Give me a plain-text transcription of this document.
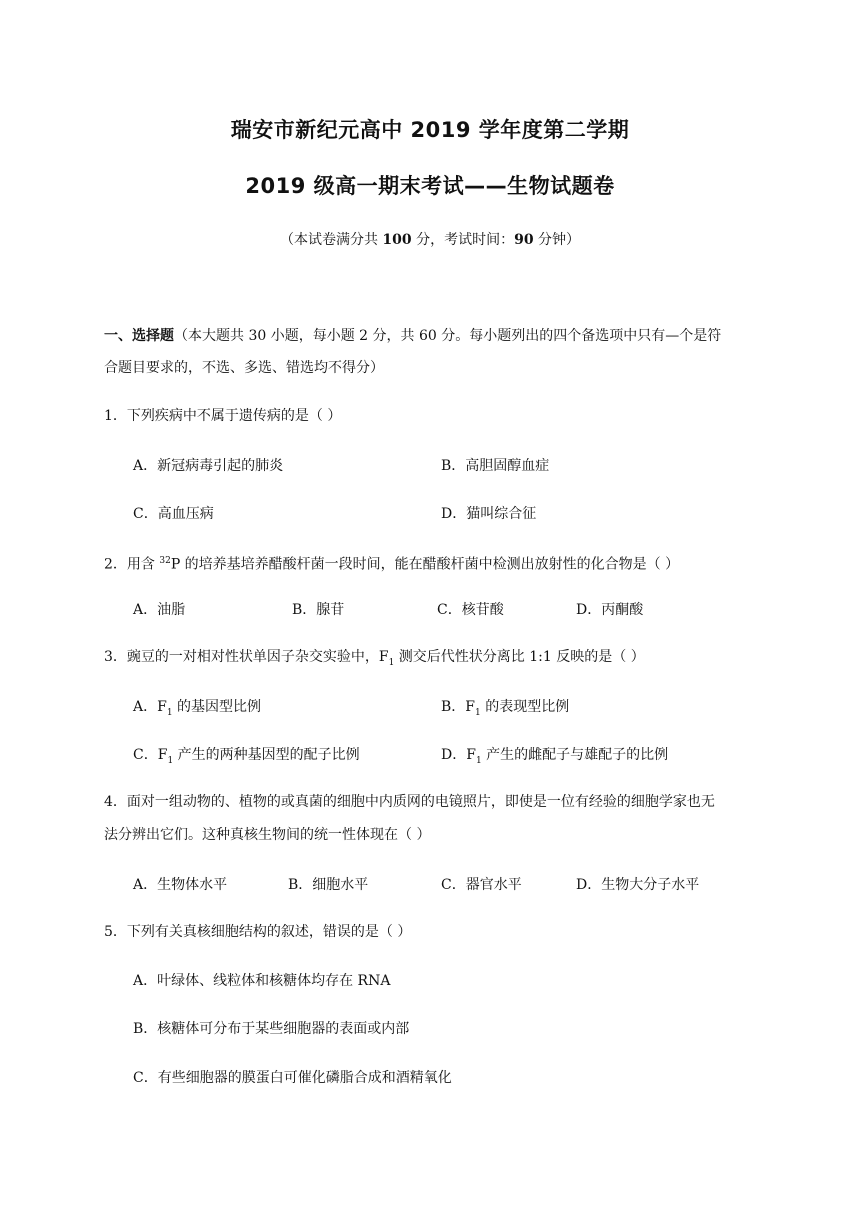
瑞安市新纪元高中 2019 学年度第二学期
2019 级高一期末考试——生物试题卷
（本试卷满分共 100 分，考试时间：90 分钟）
一、选择题（本大题共 30 小题，每小题 2 分，共 60 分。每小题列出的四个备选项中只有—个是符
合题目要求的，不选、多选、错选均不得分）
1．下列疾病中不属于遗传病的是（ ）
A．新冠病毒引起的肺炎	B．高胆固醇血症
C．高血压病	D．猫叫综合征
2．用含 $^{32}$P 的培养基培养醋酸杆菌一段时间，能在醋酸杆菌中检测出放射性的化合物是（ ）
A．油脂	B．腺苷	C．核苷酸	D．丙酮酸
3．豌豆的一对相对性状单因子杂交实验中，$F_1$ 测交后代性状分离比 1:1 反映的是（ ）
A．$F_1$ 的基因型比例	B．$F_1$ 的表现型比例
C．$F_1$ 产生的两种基因型的配子比例	D．$F_1$ 产生的雌配子与雄配子的比例
4．面对一组动物的、植物的或真菌的细胞中内质网的电镜照片，即使是一位有经验的细胞学家也无
法分辨出它们。这种真核生物间的统一性体现在（ ）
A．生物体水平	B．细胞水平	C．器官水平	D．生物大分子水平
5．下列有关真核细胞结构的叙述，错误的是（ ）
A．叶绿体、线粒体和核糖体均存在 RNA
B．核糖体可分布于某些细胞器的表面或内部
C．有些细胞器的膜蛋白可催化磷脂合成和酒精氧化
